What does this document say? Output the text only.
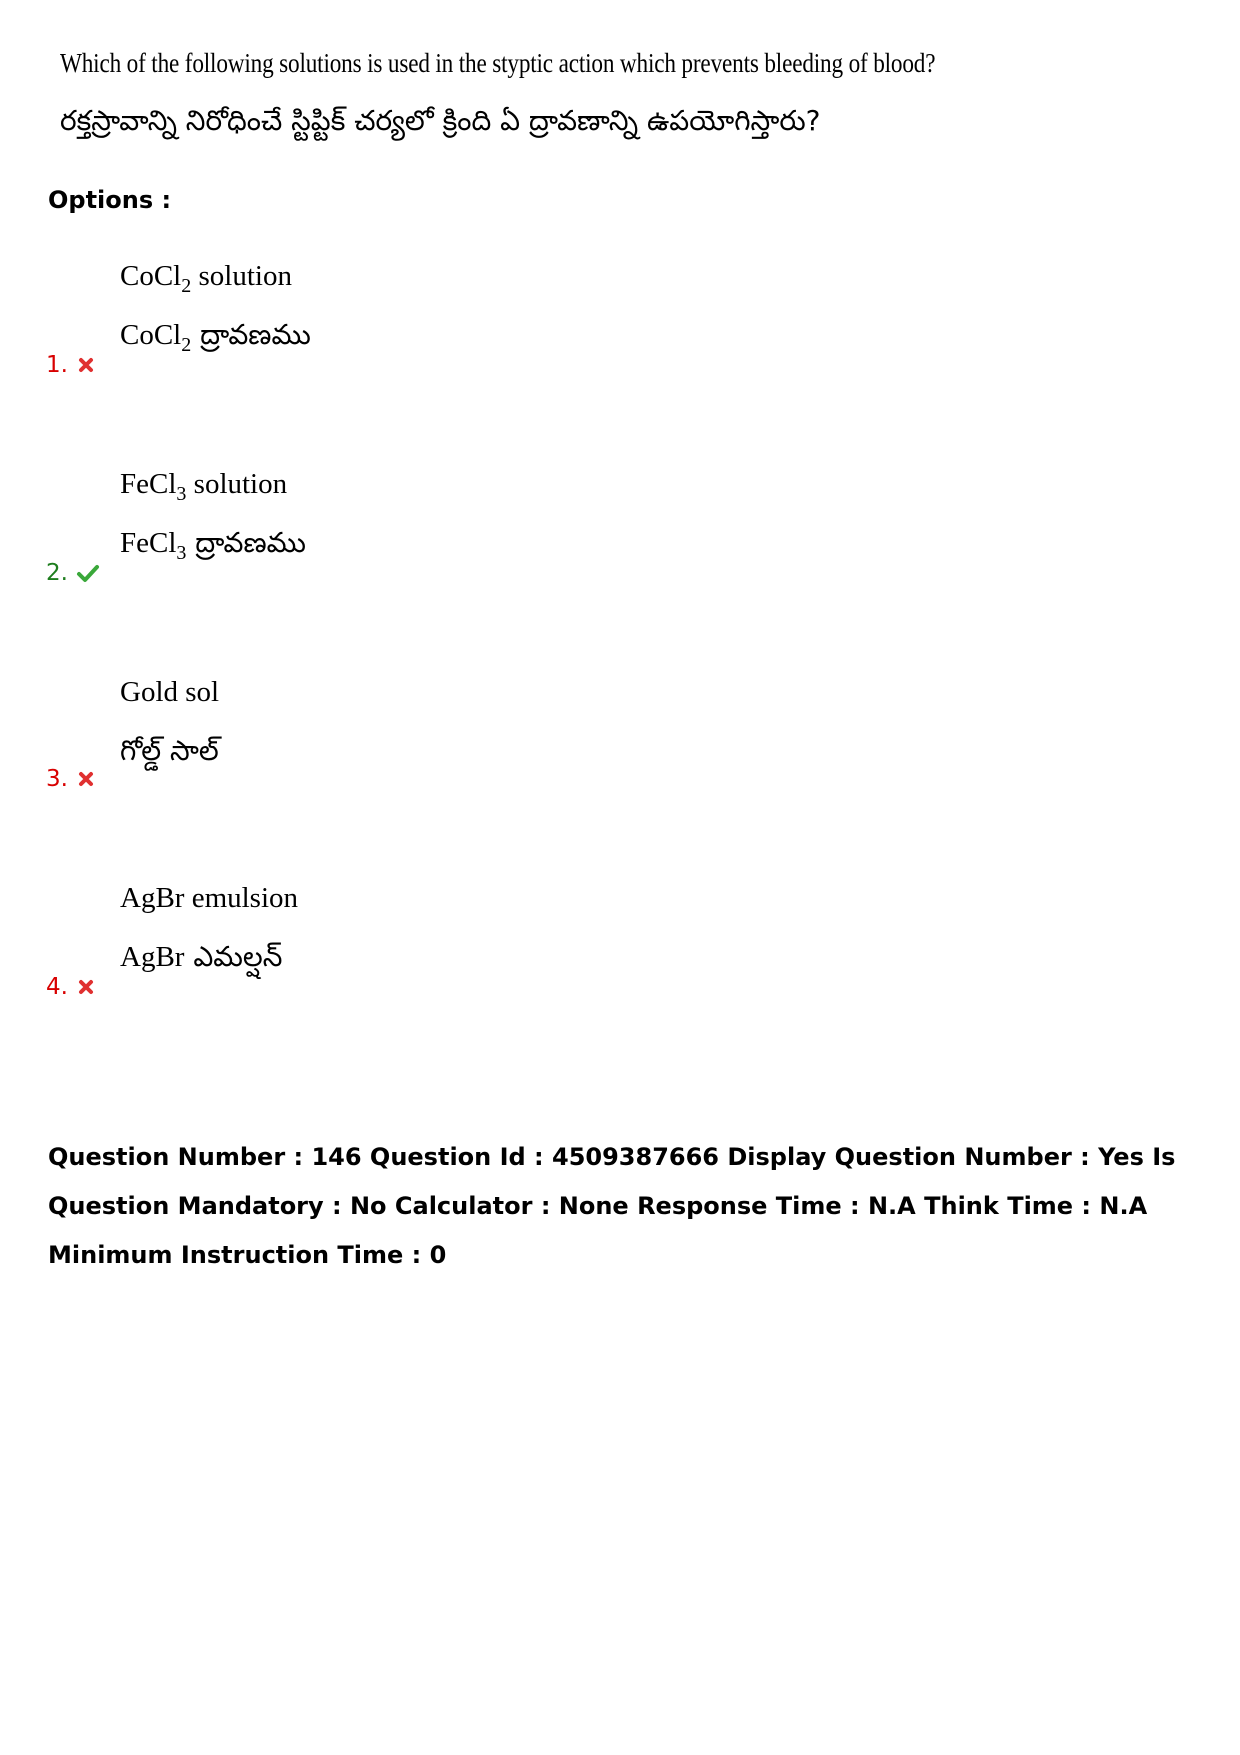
Which of the following solutions is used in the styptic action which prevents bleeding of blood?
రక్తస్రావాన్ని నిరోధించే స్టిప్టిక్ చర్యలో క్రింది ఏ ద్రావణాన్ని ఉపయోగిస్తారు?
Options :
CoCl$_2$ solution
CoCl$_2$ ద్రావణము
1.
FeCl$_3$ solution
FeCl$_3$ ద్రావణము
2.
Gold sol
గోల్డ్ సాల్
3.
AgBr emulsion
AgBr ఎమల్షన్
4.
Question Number : 146 Question Id : 4509387666 Display Question Number : Yes Is Question Mandatory : No Calculator : None Response Time : N.A Think Time : N.A Minimum Instruction Time : 0
